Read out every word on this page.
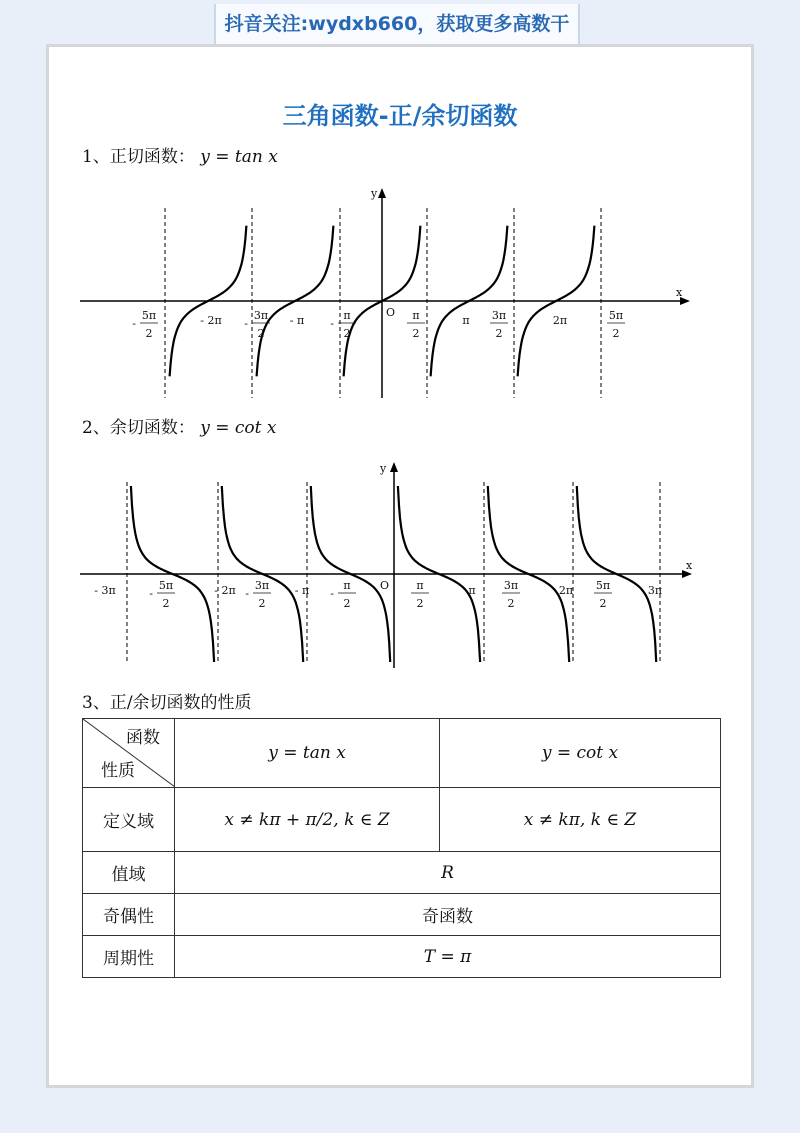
抖音关注:wydxb660，获取更多高数干
三角函数-正/余切函数
1、正切函数： y = tan x
x
y
O
5π
2
-	- 2π	3π
2
-	- π	π
2
-
π
2
π 3π
2
2π	5π
2
2、余切函数： y = cot x
x
y
O
- 3π	5π
2
-	- 2π 3π
2
-	- π	π
2
-
π
2
π	3π
2
2π 5π
2
3π
3、正/余切函数的性质
函数
性质	y = tan x	y = cot x
定义域	x ≠ kπ + π/2, k ∈ Z	x ≠ kπ, k ∈ Z
值域	R	
奇偶性	奇函数	
周期性	T = π	
